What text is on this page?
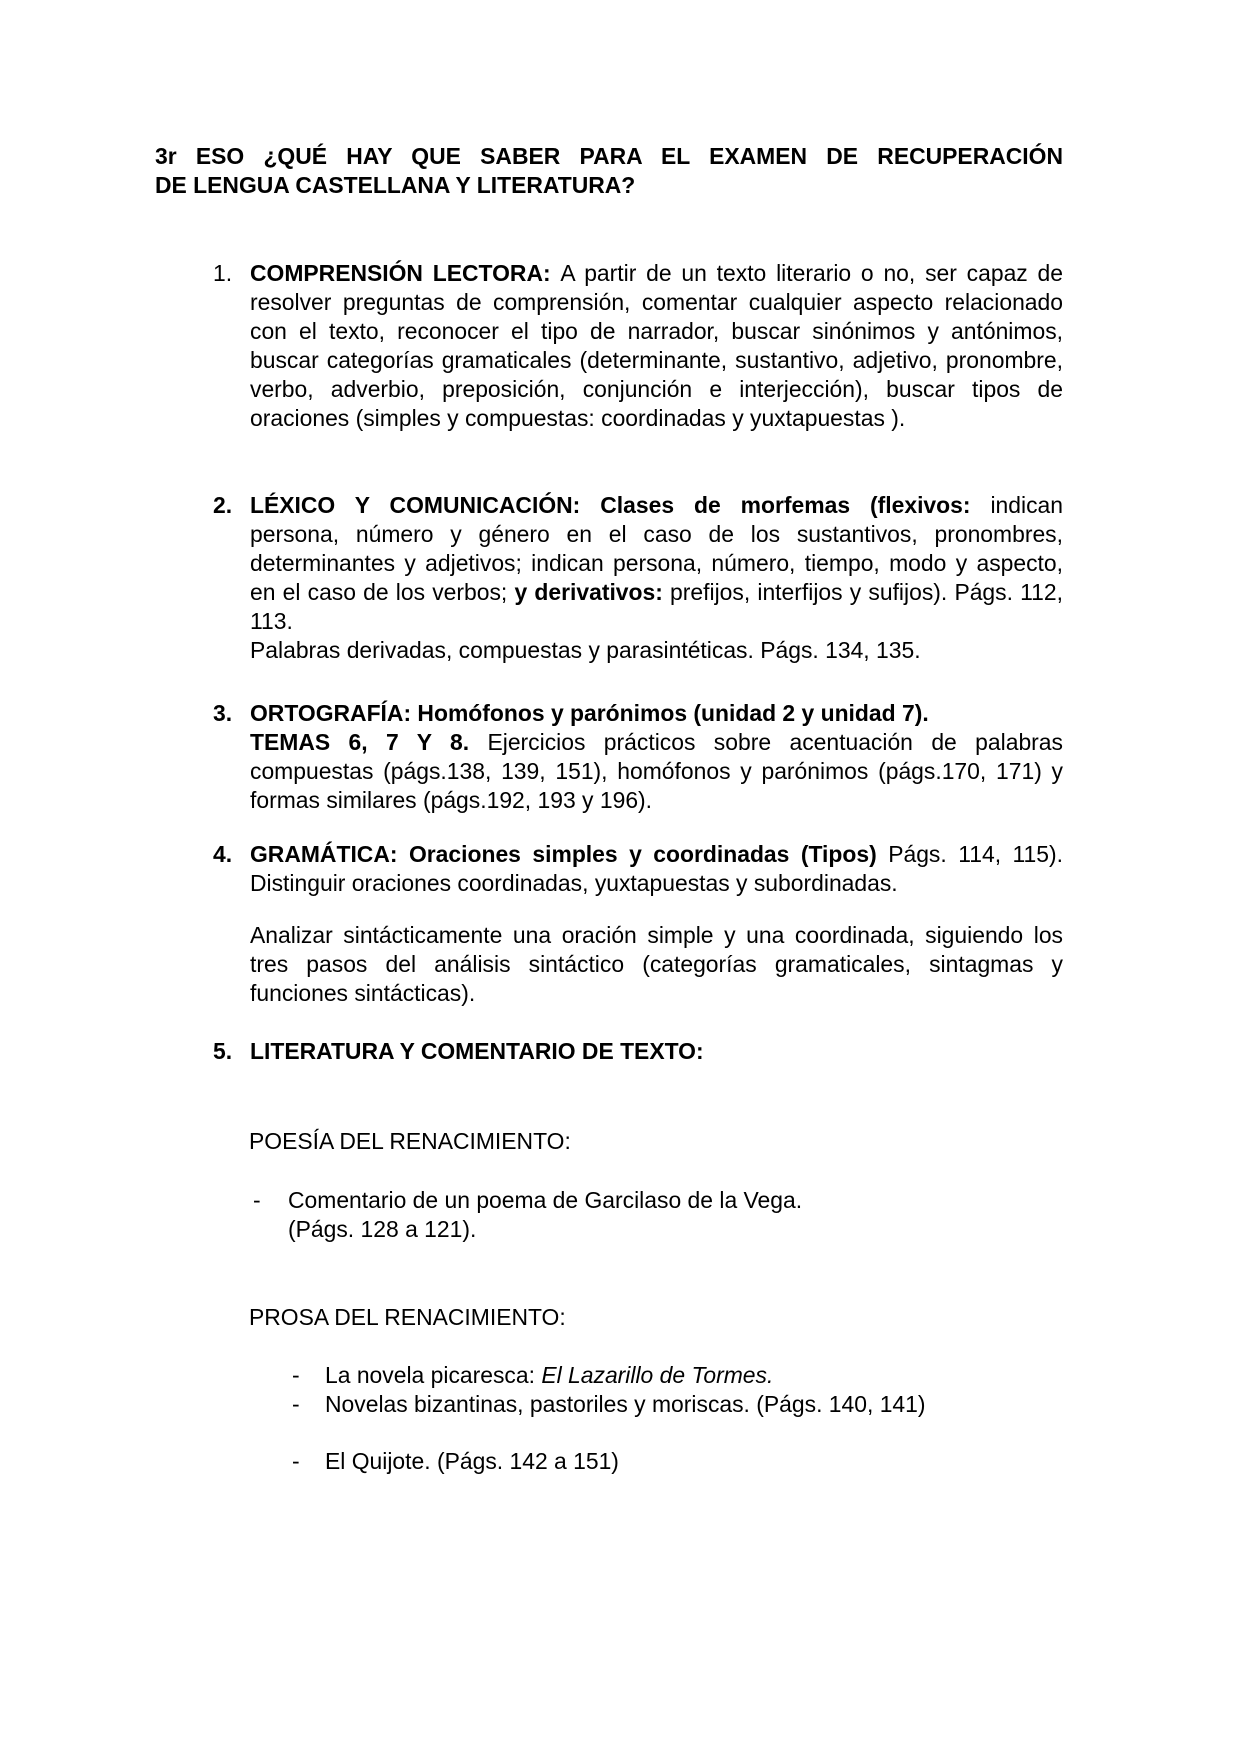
3r ESO ¿QUÉ HAY QUE SABER PARA EL EXAMEN DE RECUPERACIÓN
DE LENGUA CASTELLANA Y LITERATURA?
1. COMPRENSIÓN LECTORA: A partir de un texto literario o no, ser capaz de resolver preguntas de comprensión, comentar cualquier aspecto relacionado con el texto, reconocer el tipo de narrador, buscar sinónimos y antónimos, buscar categorías gramaticales (determinante, sustantivo, adjetivo, pronombre, verbo, adverbio, preposición, conjunción e interjección), buscar tipos de oraciones (simples y compuestas: coordinadas y yuxtapuestas ).
2. LÉXICO Y COMUNICACIÓN: Clases de morfemas (flexivos: indican persona, número y género en el caso de los sustantivos, pronombres, determinantes y adjetivos; indican persona, número, tiempo, modo y aspecto, en el caso de los verbos; y derivativos: prefijos, interfijos y sufijos). Págs. 112, 113.
Palabras derivadas, compuestas y parasintéticas. Págs. 134, 135.
3. ORTOGRAFÍA: Homófonos y parónimos (unidad 2 y unidad 7).
TEMAS 6, 7 Y 8. Ejercicios prácticos sobre acentuación de palabras compuestas (págs.138, 139, 151), homófonos y parónimos (págs.170, 171) y formas similares (págs.192, 193 y 196).
4. GRAMÁTICA: Oraciones simples y coordinadas (Tipos) Págs. 114, 115). Distinguir oraciones coordinadas, yuxtapuestas y subordinadas.
Analizar sintácticamente una oración simple y una coordinada, siguiendo los tres pasos del análisis sintáctico (categorías gramaticales, sintagmas y funciones sintácticas).
5. LITERATURA Y COMENTARIO DE TEXTO:
POESÍA DEL RENACIMIENTO:
- Comentario de un poema de Garcilaso de la Vega.
(Págs. 128 a 121).
PROSA DEL RENACIMIENTO:
- La novela picaresca: El Lazarillo de Tormes.
- Novelas bizantinas, pastoriles y moriscas. (Págs. 140, 141)
- El Quijote. (Págs. 142 a 151)
